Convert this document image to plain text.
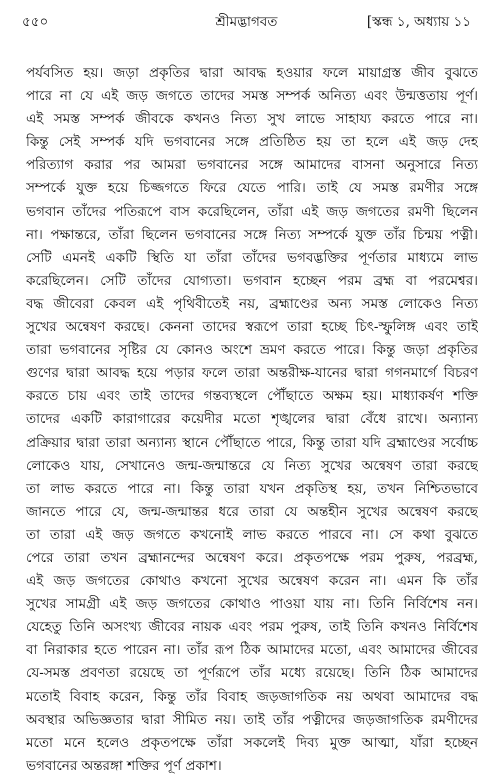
৫৫০	শ্রীমদ্ভাগবত	[স্কন্ধ ১, অধ্যায় ১১
পর্যবসিত হয়। জড়া প্রকৃতির দ্বারা আবদ্ধ হওয়ার ফলে মায়াগ্রস্ত জীব বুঝতে
পারে না যে এই জড় জগতে তাদের সমস্ত সম্পর্ক অনিত্য এবং উন্মত্ততায় পূর্ণ।
এই সমস্ত সম্পর্ক জীবকে কখনও নিত্য সুখ লাভে সাহায্য করতে পারে না।
কিন্তু সেই সম্পর্ক যদি ভগবানের সঙ্গে প্রতিষ্ঠিত হয় তা হলে এই জড় দেহ
পরিত্যাগ করার পর আমরা ভগবানের সঙ্গে আমাদের বাসনা অনুসারে নিত্য
সম্পর্কে যুক্ত হয়ে চিজ্জগতে ফিরে যেতে পারি। তাই যে সমস্ত রমণীর সঙ্গে
ভগবান তাঁদের পতিরূপে বাস করেছিলেন, তাঁরা এই জড় জগতের রমণী ছিলেন
না। পক্ষান্তরে, তাঁরা ছিলেন ভগবানের সঙ্গে নিত্য সম্পর্কে যুক্ত তাঁর চিন্ময় পত্নী।
সেটি এমনই একটি স্থিতি যা তাঁরা তাঁদের ভগবদ্ভক্তির পূর্ণতার মাধ্যমে লাভ
করেছিলেন। সেটি তাঁদের যোগ্যতা। ভগবান হচ্ছেন পরম ব্রহ্ম বা পরমেশ্বর।
বদ্ধ জীবেরা কেবল এই পৃথিবীতেই নয়, ব্রহ্মাণ্ডের অন্য সমস্ত লোকেও নিত্য
সুখের অন্বেষণ করছে। কেননা তাদের স্বরূপে তারা হচ্ছে চিৎ-স্ফুলিঙ্গ এবং তাই
তারা ভগবানের সৃষ্টির যে কোনও অংশে ভ্রমণ করতে পারে। কিন্তু জড়া প্রকৃতির
গুণের দ্বারা আবদ্ধ হয়ে পড়ার ফলে তারা অন্তরীক্ষ-যানের দ্বারা গগনমার্গে বিচরণ
করতে চায় এবং তাই তাদের গন্তব্যস্থলে পৌঁছাতে অক্ষম হয়। মাধ্যাকর্ষণ শক্তি
তাদের একটি কারাগারের কয়েদীর মতো শৃঙ্খলের দ্বারা বেঁধে রাখে। অন্যান্য
প্রক্রিয়ার দ্বারা তারা অন্যান্য স্থানে পৌঁছাতে পারে, কিন্তু তারা যদি ব্রহ্মাণ্ডের সর্বোচ্চ
লোকেও যায়, সেখানেও জন্ম-জন্মান্তরে যে নিত্য সুখের অন্বেষণ তারা করছে
তা লাভ করতে পারে না। কিন্তু তারা যখন প্রকৃতিস্থ হয়, তখন নিশ্চিতভাবে
জানতে পারে যে, জন্ম-জন্মান্তর ধরে তারা যে অন্তহীন সুখের অন্বেষণ করছে
তা তারা এই জড় জগতে কখনোই লাভ করতে পারবে না। সে কথা বুঝতে
পেরে তারা তখন ব্রহ্মানন্দের অন্বেষণ করে। প্রকৃতপক্ষে পরম পুরুষ, পরব্রহ্ম,
এই জড় জগতের কোথাও কখনো সুখের অন্বেষণ করেন না। এমন কি তাঁর
সুখের সামগ্রী এই জড় জগতের কোথাও পাওয়া যায় না। তিনি নির্বিশেষ নন।
যেহেতু তিনি অসংখ্য জীবের নায়ক এবং পরম পুরুষ, তাই তিনি কখনও নির্বিশেষ
বা নিরাকার হতে পারেন না। তাঁর রূপ ঠিক আমাদের মতো, এবং আমাদের জীবের
যে-সমস্ত প্রবণতা রয়েছে তা পূর্ণরূপে তাঁর মধ্যে রয়েছে। তিনি ঠিক আমাদের
মতোই বিবাহ করেন, কিন্তু তাঁর বিবাহ জড়জাগতিক নয় অথবা আমাদের বদ্ধ
অবস্থার অভিজ্ঞতার দ্বারা সীমিত নয়। তাই তাঁর পত্নীদের জড়জাগতিক রমণীদের
মতো মনে হলেও প্রকৃতপক্ষে তাঁরা সকলেই দিব্য মুক্ত আত্মা, যাঁরা হচ্ছেন
ভগবানের অন্তরঙ্গা শক্তির পূর্ণ প্রকাশ।
